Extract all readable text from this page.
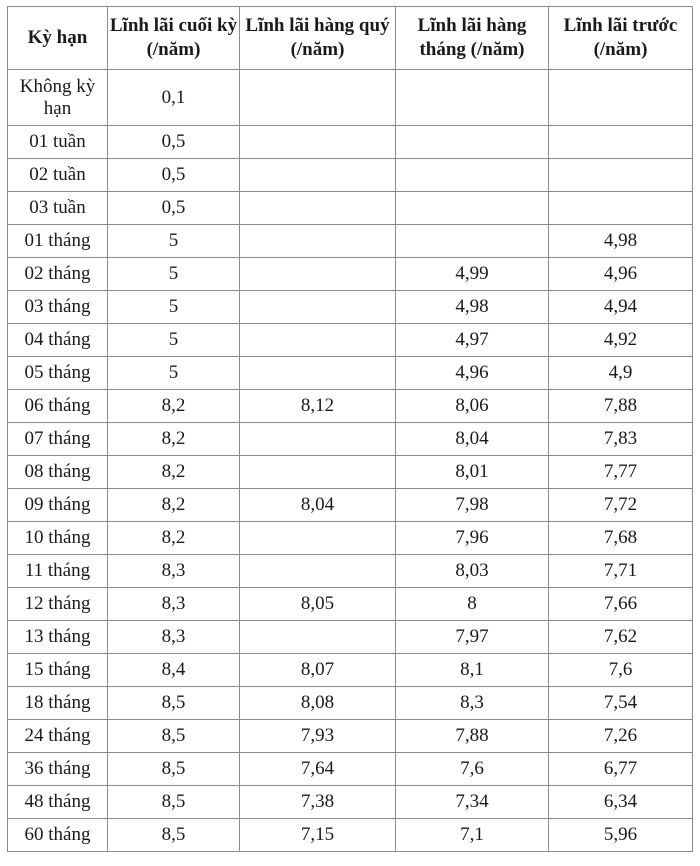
Kỳ hạn	Lĩnh lãi cuối kỳ (/năm)	Lĩnh lãi hàng quý (/năm)	Lĩnh lãi hàng tháng (/năm)	Lĩnh lãi trước (/năm)
Không kỳ hạn	0,1			
01 tuần	0,5			
02 tuần	0,5			
03 tuần	0,5			
01 tháng	5			4,98
02 tháng	5		4,99	4,96
03 tháng	5		4,98	4,94
04 tháng	5		4,97	4,92
05 tháng	5		4,96	4,9
06 tháng	8,2	8,12	8,06	7,88
07 tháng	8,2		8,04	7,83
08 tháng	8,2		8,01	7,77
09 tháng	8,2	8,04	7,98	7,72
10 tháng	8,2		7,96	7,68
11 tháng	8,3		8,03	7,71
12 tháng	8,3	8,05	8	7,66
13 tháng	8,3		7,97	7,62
15 tháng	8,4	8,07	8,1	7,6
18 tháng	8,5	8,08	8,3	7,54
24 tháng	8,5	7,93	7,88	7,26
36 tháng	8,5	7,64	7,6	6,77
48 tháng	8,5	7,38	7,34	6,34
60 tháng	8,5	7,15	7,1	5,96
